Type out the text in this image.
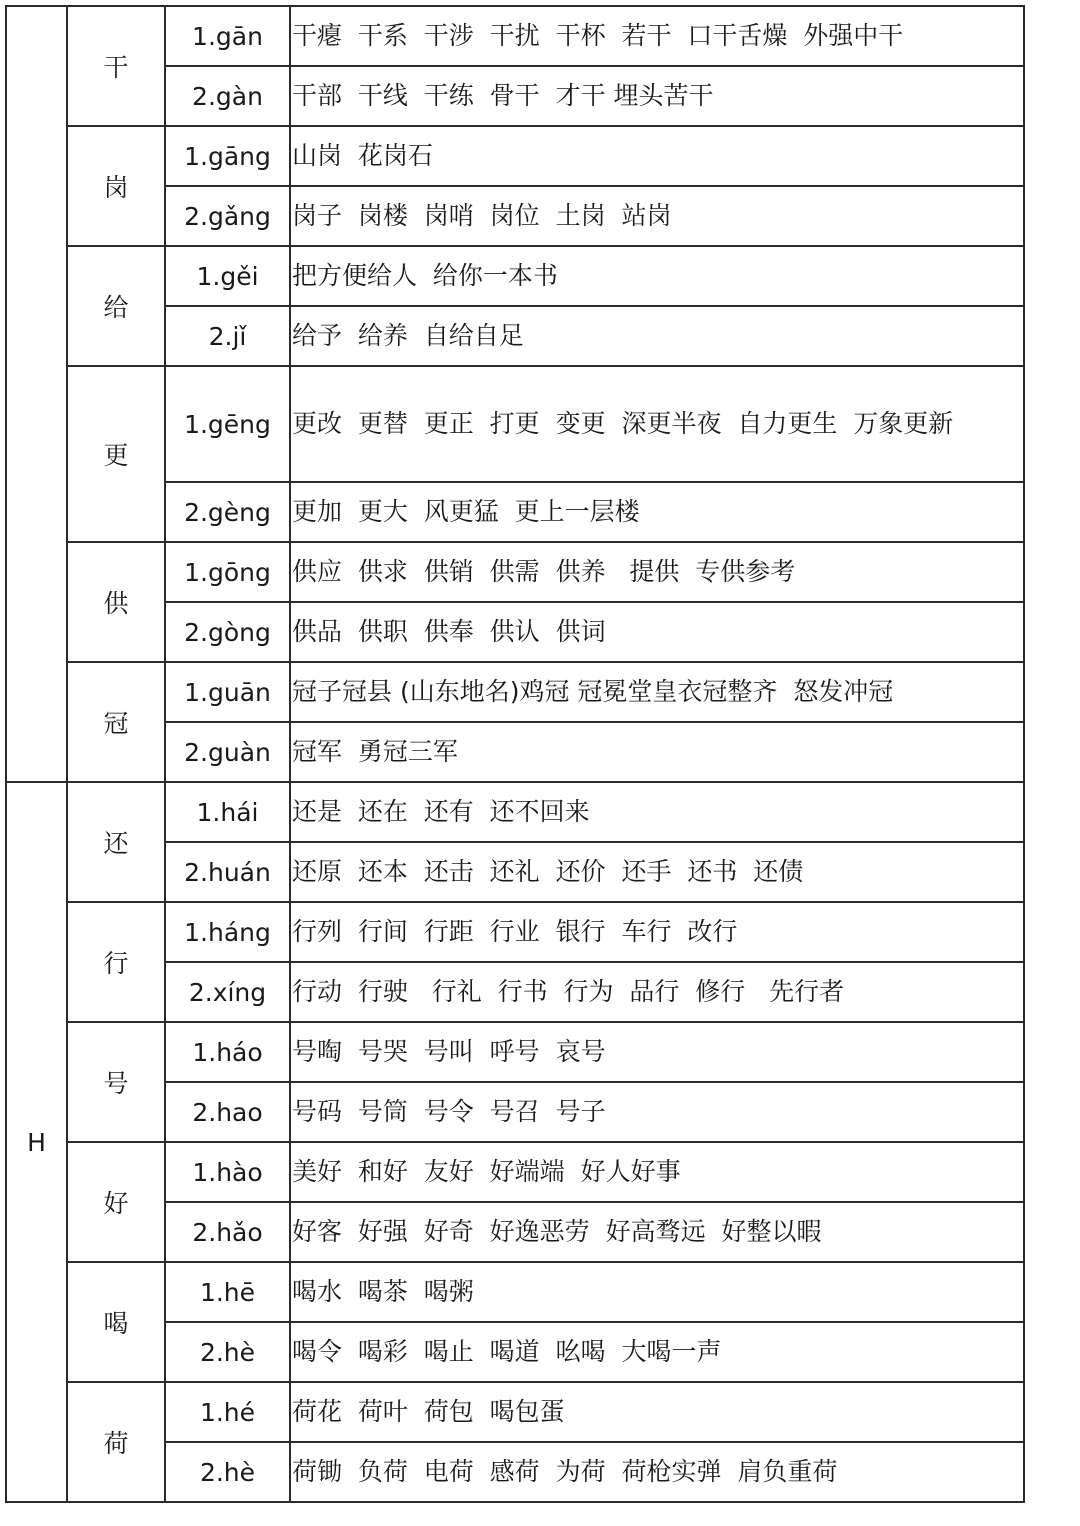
	干	1.gān	干瘪  干系  干涉  干扰  干杯  若干  口干舌燥  外强中干
		2.gàn	干部  干线  干练  骨干  才干 埋头苦干
	岗	1.gāng	山岗  花岗石
		2.gǎng	岗子  岗楼  岗哨  岗位  土岗  站岗
	给	1.gěi	把方便给人  给你一本书
		2.jǐ	给予  给养  自给自足
	更	1.gēng	更改  更替  更正  打更  变更  深更半夜  自力更生  万象更新
		2.gèng	更加  更大  风更猛  更上一层楼
	供	1.gōng	供应  供求  供销  供需  供养   提供  专供参考
		2.gòng	供品  供职  供奉  供认  供词
	冠	1.guān	冠子冠县 (山东地名)鸡冠 冠冕堂皇衣冠整齐  怒发冲冠
		2.guàn	冠军  勇冠三军
H	还	1.hái	还是  还在  还有  还不回来
		2.huán	还原  还本  还击  还礼  还价  还手  还书  还债
	行	1.háng	行列  行间  行距  行业  银行  车行  改行
		2.xíng	行动  行驶   行礼  行书  行为  品行  修行   先行者
	号	1.háo	号啕  号哭  号叫  呼号  哀号
		2.hao	号码  号筒  号令  号召  号子
	好	1.hào	美好  和好  友好  好端端  好人好事
		2.hǎo	好客  好强  好奇  好逸恶劳  好高骛远  好整以暇
	喝	1.hē	喝水  喝茶  喝粥
		2.hè	喝令  喝彩  喝止  喝道  吆喝  大喝一声
	荷	1.hé	荷花  荷叶  荷包  喝包蛋
		2.hè	荷锄  负荷  电荷  感荷  为荷  荷枪实弹  肩负重荷
